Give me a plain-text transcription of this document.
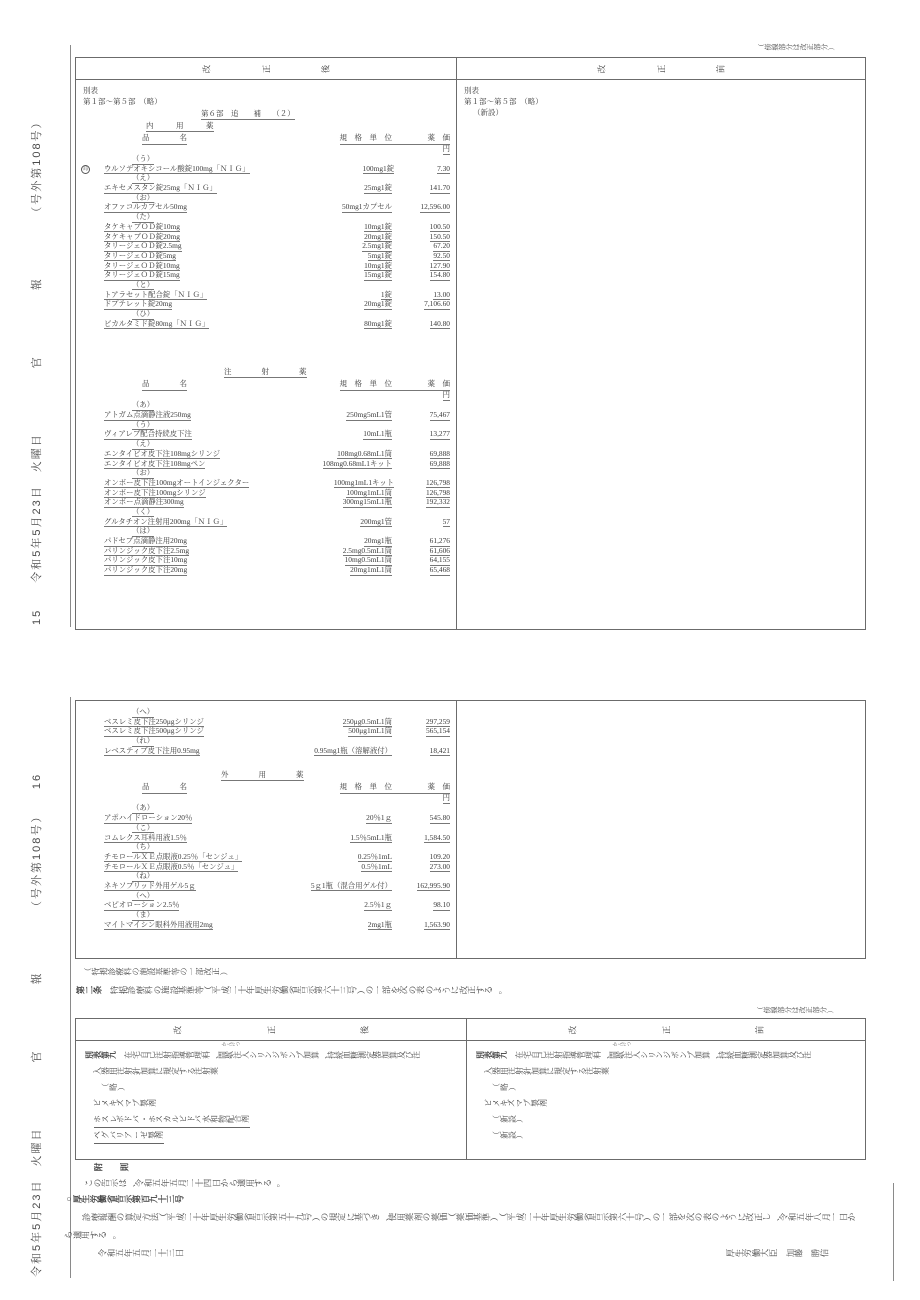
15　　令和5年5月23日　火曜日　　　　　官　　　　　報　　　　　（号外第108号）
（傍線部分は改正部分）
改　　　　　　	正　　　　　　	後
別表
第１部～第５部　（略）
第６部　追　　補　　（２）
内　　　用　　　薬
品　　　　名	規　格　単　位	薬　価
円
（う）
局 ウルソデオキシコール酸錠100mg「ＮＩＧ」	100mg1錠	7.30
（え）
エキセメスタン錠25mg「ＮＩＧ」	25mg1錠	141.70
（お）
オファコルカプセル50mg	50mg1カプセル	12,596.00
（た）
タケキャブＯＤ錠10mg	10mg1錠	100.50
タケキャブＯＤ錠20mg	20mg1錠	150.50
タリージェＯＤ錠2.5mg	2.5mg1錠	67.20
タリージェＯＤ錠5mg	5mg1錠	92.50
タリージェＯＤ錠10mg	10mg1錠	127.90
タリージェＯＤ錠15mg	15mg1錠	154.80
（と）
トアラセット配合錠「ＮＩＧ」	1錠	13.00
ドプテレット錠20mg	20mg1錠	7,106.60
（ひ）
ビカルタミド錠80mg「ＮＩＧ」	80mg1錠	140.80
注　　　　射　　　　薬
品　　　　名	規　格　単　位	薬　価
円
（あ）
アトガム点滴静注液250mg	250mg5mL1管	75,467
（う）
ヴィアレブ配合持続皮下注	10mL1瓶	13,277
（え）
エンタイビオ皮下注108mgシリンジ	108mg0.68mL1筒	69,888
エンタイビオ皮下注108mgペン	108mg0.68mL1キット	69,888
（お）
オンボー皮下注100mgオートインジェクター	100mg1mL1キット	126,798
オンボー皮下注100mgシリンジ	100mg1mL1筒	126,798
オンボー点滴静注300mg	300mg15mL1瓶	192,332
（く）
グルタチオン注射用200mg「ＮＩＧ」	200mg1管	57
（は）
パドセブ点滴静注用20mg	20mg1瓶	61,276
パリンジック皮下注2.5mg	2.5mg0.5mL1筒	61,606
パリンジック皮下注10mg	10mg0.5mL1筒	64,155
パリンジック皮下注20mg	20mg1mL1筒	65,468
改　　　　　　	正　　　　　　	前
別表
第１部～第５部　（略）
（新設）
令和5年5月23日　火曜日　　　　　官　　　　　報　　　　　（号外第108号）　　16
（へ）
ベスレミ皮下注250μgシリンジ	250μg0.5mL1筒	297,259
ベスレミ皮下注500μgシリンジ	500μg1mL1筒	565,154
（れ）
レベスティブ皮下注用0.95mg	0.95mg1瓶（溶解液付）	18,421
外　　　　用　　　　薬
品　　　　名	規　格　単　位	薬　価
円
（あ）
アポハイドローション20％	20％1ｇ	545.80
（こ）
コムレクス耳科用液1.5％	1.5％5mL1瓶	1,584.50
（ち）
チモロールＸＥ点眼液0.25％「センジュ」	0.25％1mL	109.20
チモロールＸＥ点眼液0.5％「センジュ」	0.5％1mL	273.00
（ね）
ネキソブリッド外用ゲル5ｇ	5ｇ1瓶（混合用ゲル付）	162,995.90
（へ）
ベピオローション2.5％	2.5％1ｇ	98.10
（ま）
マイトマイシン眼科外用液用2mg	2mg1瓶	1,563.90
（特掲診療料の施設基準等の一部改正）
第二条　 特掲診療料の施設基準等（平成二十年厚生労働省告示第六十三号）の一部を次の表のように改正する。
（傍線部分は改正部分）
改　　　　　　　　　　	正　　　　　　　　　　	後
別表第九　 在宅自己注射指導管理料、間歇注入シリンジポンプ加算、持続血糖測定器加算及び注
入器用注射針加算に規定する注射薬
（略）
ビメキズマブ製剤
ホスレボドパ・ホスカルビドパ水和物配合剤
ペグバリアーゼ製剤
かんけつ
改　　　　　　　　　　	正　　　　　　　　　　	前
別表第九　 在宅自己注射指導管理料、間歇注入シリンジポンプ加算、持続血糖測定器加算及び注
入器用注射針加算に規定する注射薬
（略）
ビメキズマブ製剤
（新設）
（新設）
かんけつ
附　　 則
この告示は、令和五年五月二十四日から適用する。
○厚生労働省告示第百九十三号
診療報酬の算定方法（平成二十年厚生労働省告示第五十九号）の規定に基づき、使用薬剤の薬価（薬価基準）（平成二十年厚生労働省告示第六十号）の一部を次の表のように改正し、令和五年八月一日か
ら適用する。
令和五年五月二十三日	厚生労働大臣　 加藤　 勝信
